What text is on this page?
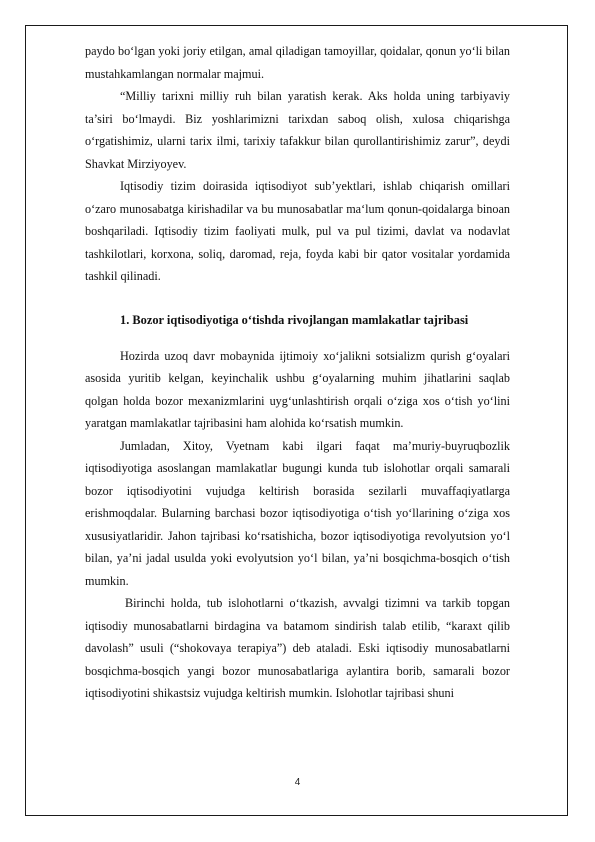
paydo bo‘lgan yoki joriy etilgan, amal qiladigan tamoyillar, qoidalar, qonun yo‘li bilan mustahkamlangan normalar majmui.

“Milliy tarixni milliy ruh bilan yaratish kerak. Aks holda uning tarbiyaviy ta’siri bo‘lmaydi. Biz yoshlarimizni tarixdan saboq olish, xulosa chiqarishga o‘rgatishimiz, ularni tarix ilmi, tarixiy tafakkur bilan qurollantirishimiz zarur”, deydi Shavkat Mirziyoyev.

Iqtisodiy tizim doirasida iqtisodiyot sub’yektlari, ishlab chiqarish omillari o‘zaro munosabatga kirishadilar va bu munosabatlar ma‘lum qonun-qoidalarga binoan boshqariladi. Iqtisodiy tizim faoliyati mulk, pul va pul tizimi, davlat va nodavlat tashkilotlari, korxona, soliq, daromad, reja, foyda kabi bir qator vositalar yordamida tashkil qilinadi.

1. Bozor iqtisodiyotiga o‘tishda rivojlangan mamlakatlar tajribasi

Hozirda uzoq davr mobaynida ijtimoiy xo‘jalikni sotsializm qurish g‘oyalari asosida yuritib kelgan, keyinchalik ushbu g‘oyalarning muhim jihatlarini saqlab qolgan holda bozor mexanizmlarini uyg‘unlashtirish orqali o‘ziga xos o‘tish yo‘lini yaratgan mamlakatlar tajribasini ham alohida ko‘rsatish mumkin.

Jumladan, Xitoy, Vyetnam kabi ilgari faqat ma’muriy-buyruqbozlik iqtisodiyotiga asoslangan mamlakatlar bugungi kunda tub islohotlar orqali samarali bozor iqtisodiyotini vujudga keltirish borasida sezilarli muvaffaqiyatlarga erishmoqdalar. Bularning barchasi bozor iqtisodiyotiga o‘tish yo‘llarining o‘ziga xos xususiyatlaridir. Jahon tajribasi ko‘rsatishicha, bozor iqtisodiyotiga revolyutsion yo‘l bilan, ya’ni jadal usulda yoki evolyutsion yo‘l bilan, ya’ni bosqichma-bosqich o‘tish mumkin.

Birinchi holda, tub islohotlarni o‘tkazish, avvalgi tizimni va tarkib topgan iqtisodiy munosabatlarni birdagina va batamom sindirish talab etilib, “karaxt qilib davolash” usuli (“shokovaya terapiya”) deb ataladi. Eski iqtisodiy munosabatlarni bosqichma-bosqich yangi bozor munosabatlariga aylantira borib, samarali bozor iqtisodiyotini shikastsiz vujudga keltirish mumkin. Islohotlar tajribasi shuni

4
